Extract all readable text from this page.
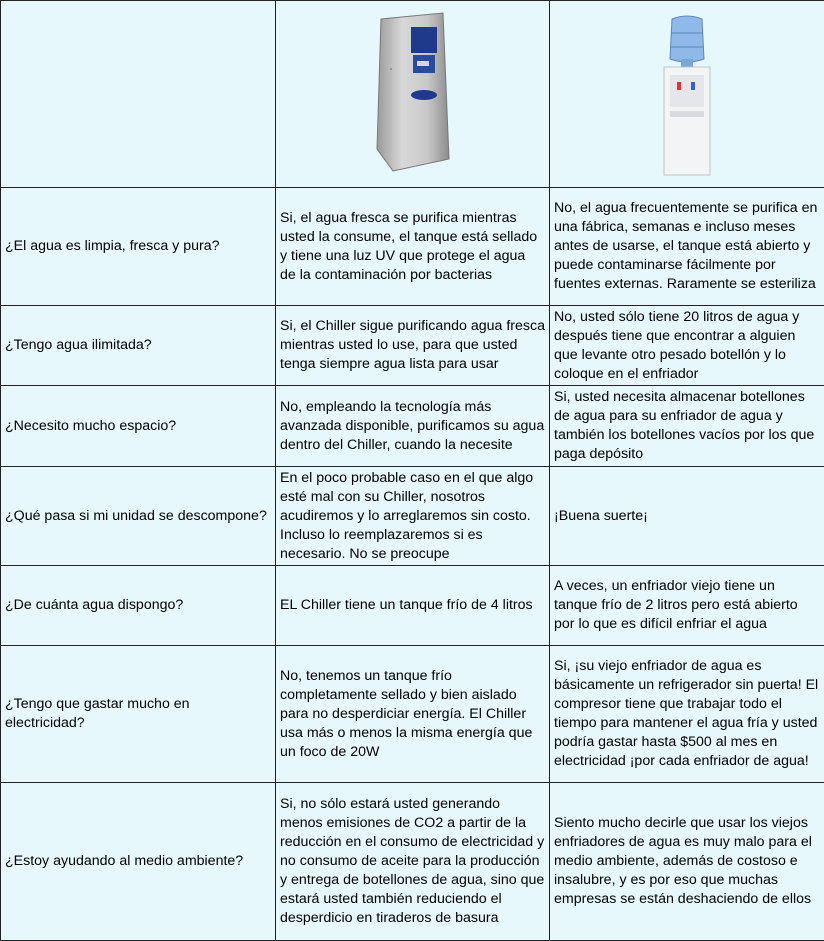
¿El agua es limpia, fresca y pura?	Si, el agua fresca se purifica mientras usted la consume, el tanque está sellado y tiene una luz UV que protege el agua de la contaminación por bacterias	No, el agua frecuentemente se purifica en una fábrica, semanas e incluso meses antes de usarse, el tanque está abierto y puede contaminarse fácilmente por fuentes externas. Raramente se esteriliza
¿Tengo agua ilimitada?	Si, el Chiller sigue purificando agua fresca mientras usted lo use, para que usted tenga siempre agua lista para usar	No, usted sólo tiene 20 litros de agua y después tiene que encontrar a alguien que levante otro pesado botellón y lo coloque en el enfriador
¿Necesito mucho espacio?	No, empleando la tecnología más avanzada disponible, purificamos su agua dentro del Chiller, cuando la necesite	Si, usted necesita almacenar botellones de agua para su enfriador de agua y también los botellones vacíos por los que paga depósito
¿Qué pasa si mi unidad se descompone?	En el poco probable caso en el que algo esté mal con su Chiller, nosotros acudiremos y lo arreglaremos sin costo. Incluso lo reemplazaremos si es necesario. No se preocupe	¡Buena suerte¡
¿De cuánta agua dispongo?	EL Chiller tiene un tanque frío de 4 litros	A veces, un enfriador viejo tiene un tanque frío de 2 litros pero está abierto por lo que es difícil enfriar el agua
¿Tengo que gastar mucho en electricidad?	No, tenemos un tanque frío completamente sellado y bien aislado para no desperdiciar energía. El Chiller usa más o menos la misma energía que un foco de 20W	Si, ¡su viejo enfriador de agua es básicamente un refrigerador sin puerta! El compresor tiene que trabajar todo el tiempo para mantener el agua fría y usted podría gastar hasta $500 al mes en electricidad ¡por cada enfriador de agua!
¿Estoy ayudando al medio ambiente?	Si, no sólo estará usted generando menos emisiones de CO2 a partir de la reducción en el consumo de electricidad y no consumo de aceite para la producción y entrega de botellones de agua, sino que estará usted también reduciendo el desperdicio en tiraderos de basura	Siento mucho decirle que usar los viejos enfriadores de agua es muy malo para el medio ambiente, además de costoso e insalubre, y es por eso que muchas empresas se están deshaciendo de ellos
